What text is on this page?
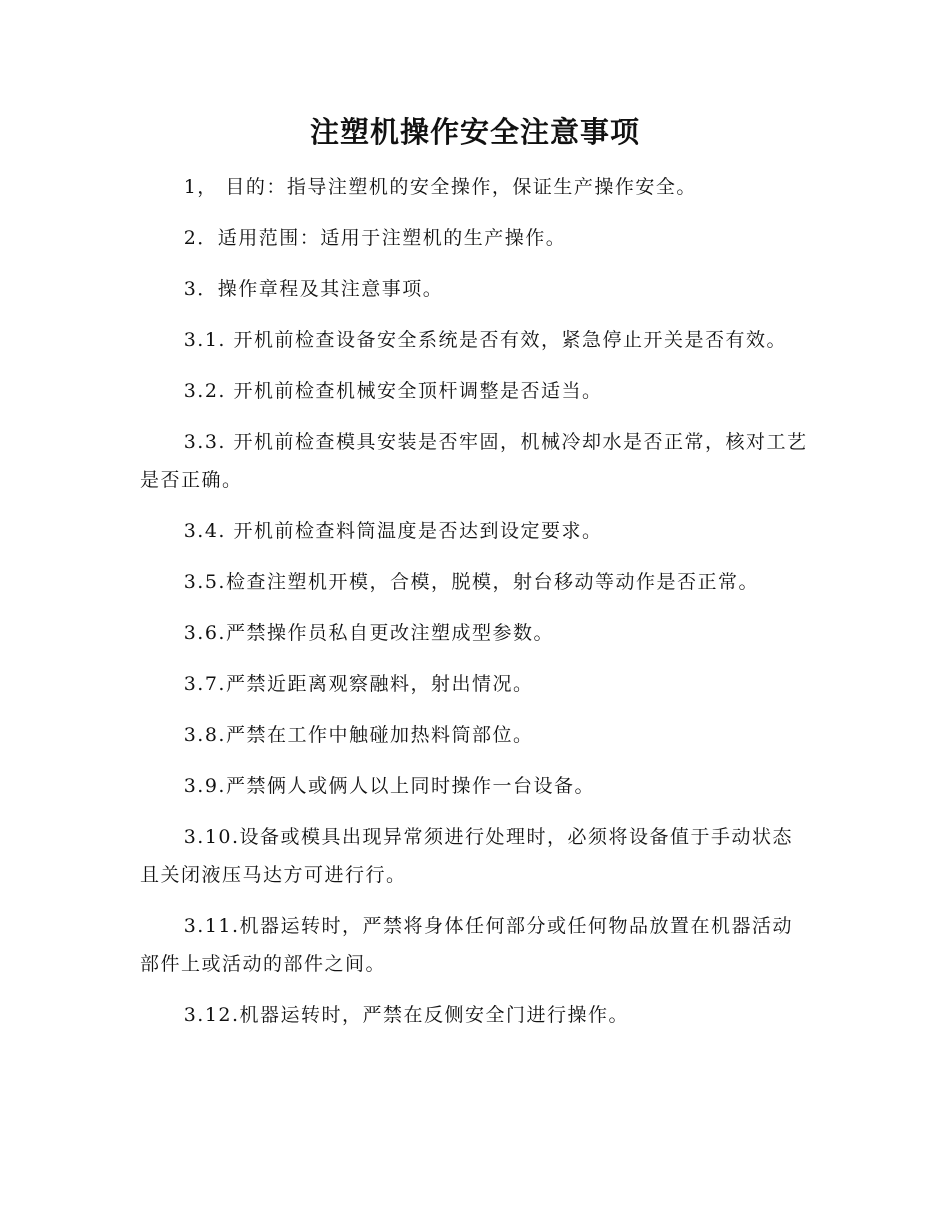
注塑机操作安全注意事项

1， 目的：指导注塑机的安全操作，保证生产操作安全。

2．适用范围：适用于注塑机的生产操作。

3．操作章程及其注意事项。

3.1. 开机前检查设备安全系统是否有效，紧急停止开关是否有效。

3.2. 开机前检查机械安全顶杆调整是否适当。

3.3. 开机前检查模具安装是否牢固，机械冷却水是否正常，核对工艺是否正确。

3.4. 开机前检查料筒温度是否达到设定要求。

3.5.检查注塑机开模，合模，脱模，射台移动等动作是否正常。

3.6.严禁操作员私自更改注塑成型参数。

3.7.严禁近距离观察融料，射出情况。

3.8.严禁在工作中触碰加热料筒部位。

3.9.严禁俩人或俩人以上同时操作一台设备。

3.10.设备或模具出现异常须进行处理时，必须将设备值于手动状态且关闭液压马达方可进行行。

3.11.机器运转时，严禁将身体任何部分或任何物品放置在机器活动部件上或活动的部件之间。

3.12.机器运转时，严禁在反侧安全门进行操作。
